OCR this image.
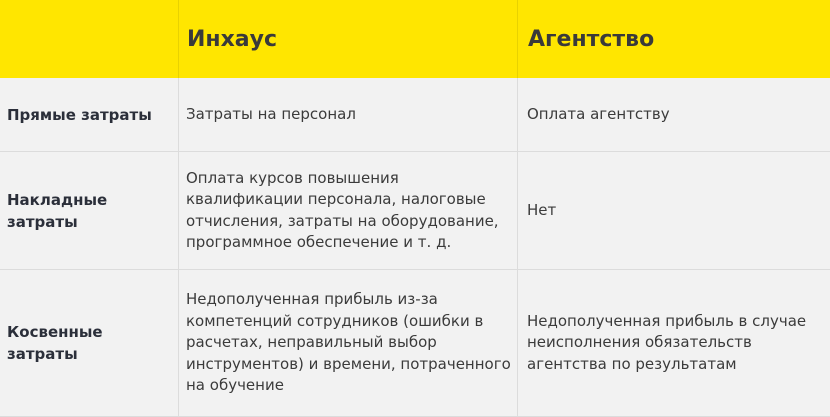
Инхаус	Агентство
Прямые затраты Затраты на персонал	Оплата агентству
Накладные затраты
Оплата курсов повышения квалификации персонала, налоговые отчисления, затраты на оборудование, программное обеспечение и т. д.
Нет
Косвенные затраты
Недополученная прибыль из-за компетенций сотрудников (ошибки в расчетах, неправильный выбор инструментов) и времени, потраченного на обучение
Недополученная прибыль в случае неисполнения обязательств агентства по результатам
